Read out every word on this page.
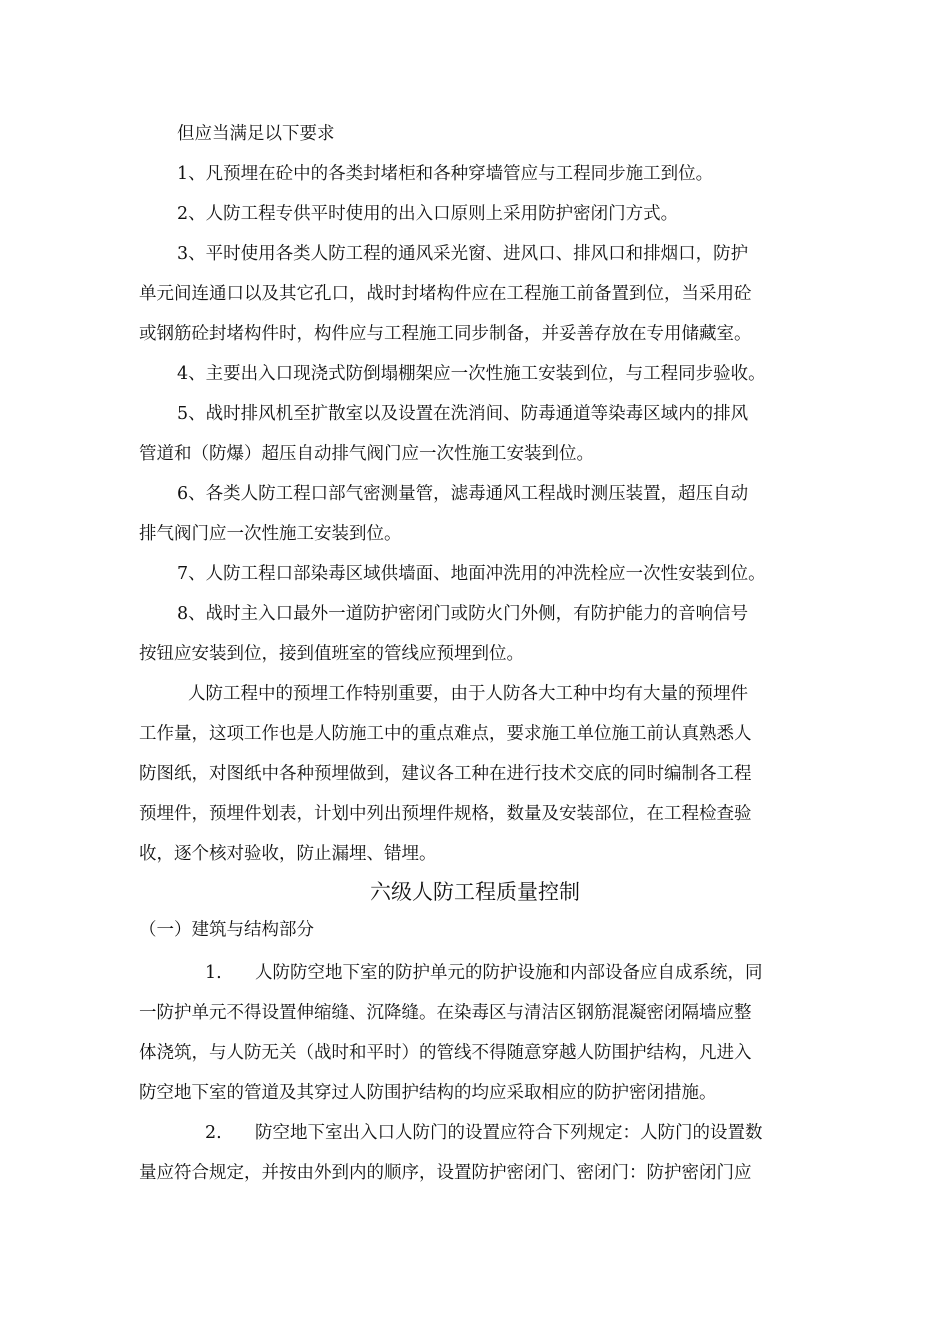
但应当满足以下要求
1、凡预埋在砼中的各类封堵柜和各种穿墙管应与工程同步施工到位。
2、人防工程专供平时使用的出入口原则上采用防护密闭门方式。
3、平时使用各类人防工程的通风采光窗、进风口、排风口和排烟口，防护
单元间连通口以及其它孔口，战时封堵构件应在工程施工前备置到位，当采用砼
或钢筋砼封堵构件时，构件应与工程施工同步制备，并妥善存放在专用储藏室。
4、主要出入口现浇式防倒塌棚架应一次性施工安装到位，与工程同步验收。
5、战时排风机至扩散室以及设置在洗消间、防毒通道等染毒区域内的排风
管道和（防爆）超压自动排气阀门应一次性施工安装到位。
6、各类人防工程口部气密测量管，滤毒通风工程战时测压装置，超压自动
排气阀门应一次性施工安装到位。
7、人防工程口部染毒区域供墙面、地面冲洗用的冲洗栓应一次性安装到位。
8、战时主入口最外一道防护密闭门或防火门外侧，有防护能力的音响信号
按钮应安装到位，接到值班室的管线应预埋到位。
人防工程中的预埋工作特别重要，由于人防各大工种中均有大量的预埋件
工作量，这项工作也是人防施工中的重点难点，要求施工单位施工前认真熟悉人
防图纸，对图纸中各种预埋做到，建议各工种在进行技术交底的同时编制各工程
预埋件，预埋件划表，计划中列出预埋件规格，数量及安装部位，在工程检查验
收，逐个核对验收，防止漏埋、错埋。
六级人防工程质量控制
（一）建筑与结构部分
1.	人防防空地下室的防护单元的防护设施和内部设备应自成系统，同
一防护单元不得设置伸缩缝、沉降缝。在染毒区与清洁区钢筋混凝密闭隔墙应整
体浇筑，与人防无关（战时和平时）的管线不得随意穿越人防围护结构，凡进入
防空地下室的管道及其穿过人防围护结构的均应采取相应的防护密闭措施。
2.	防空地下室出入口人防门的设置应符合下列规定：人防门的设置数
量应符合规定，并按由外到内的顺序，设置防护密闭门、密闭门：防护密闭门应
